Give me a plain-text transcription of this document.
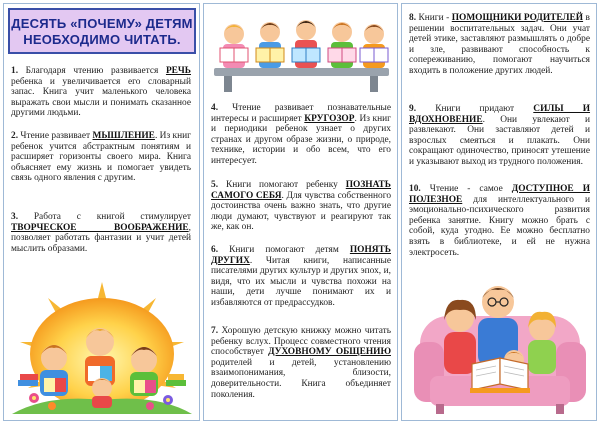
ДЕСЯТЬ «ПОЧЕМУ» ДЕТЯМ
НЕОБХОДИМО ЧИТАТЬ.

1. Благодаря чтению развивается РЕЧЬ ребенка и увеличивается его словарный запас. Книга учит маленького человека выражать свои мысли и понимать сказанное другими людьми.

2. Чтение развивает МЫШЛЕНИЕ. Из книг ребенок учится абстрактным понятиям и расширяет горизонты своего мира. Книга объясняет ему жизнь и помогает увидеть связь одного явления с другим.

3. Работа с книгой стимулирует ТВОРЧЕСКОЕ ВООБРАЖЕНИЕ, позволяет работать фантазии и учит детей мыслить образами.

4. Чтение развивает познавательные интересы и расширяет КРУГОЗОР. Из книг и периодики ребенок узнает о других странах и другом образе жизни, о природе, технике, истории и обо всем, что его интересует.

5. Книги помогают ребенку ПОЗНАТЬ САМОГО СЕБЯ. Для чувства собственного достоинства очень важно знать, что другие люди думают, чувствуют и реагируют так же, как он.

6. Книги помогают детям ПОНЯТЬ ДРУГИХ. Читая книги, написанные писателями других культур и других эпох, и, видя, что их мысли и чувства похожи на наши, дети лучше понимают их и избавляются от предрассудков.

7. Хорошую детскую книжку можно читать ребенку вслух. Процесс совместного чтения способствует ДУХОВНОМУ ОБЩЕНИЮ родителей и детей, установлению взаимопонимания, близости, доверительности. Книга объединяет поколения.

8. Книги - ПОМОЩНИКИ РОДИТЕЛЕЙ в решении воспитательных задач. Они учат детей этике, заставляют размышлять о добре и зле, развивают способность к сопереживанию, помогают научиться входить в положение других людей.

9. Книги придают СИЛЫ И ВДОХНОВЕНИЕ. Они увлекают и развлекают. Они заставляют детей и взрослых смеяться и плакать. Они сокращают одиночество, приносят утешение и указывают выход из трудного положения.

10. Чтение - самое ДОСТУПНОЕ И ПОЛЕЗНОЕ для интеллектуального и эмоционально-психического развития ребенка занятие. Книгу можно брать с собой, куда угодно. Ее можно бесплатно взять в библиотеке, и ей не нужна электросеть.
